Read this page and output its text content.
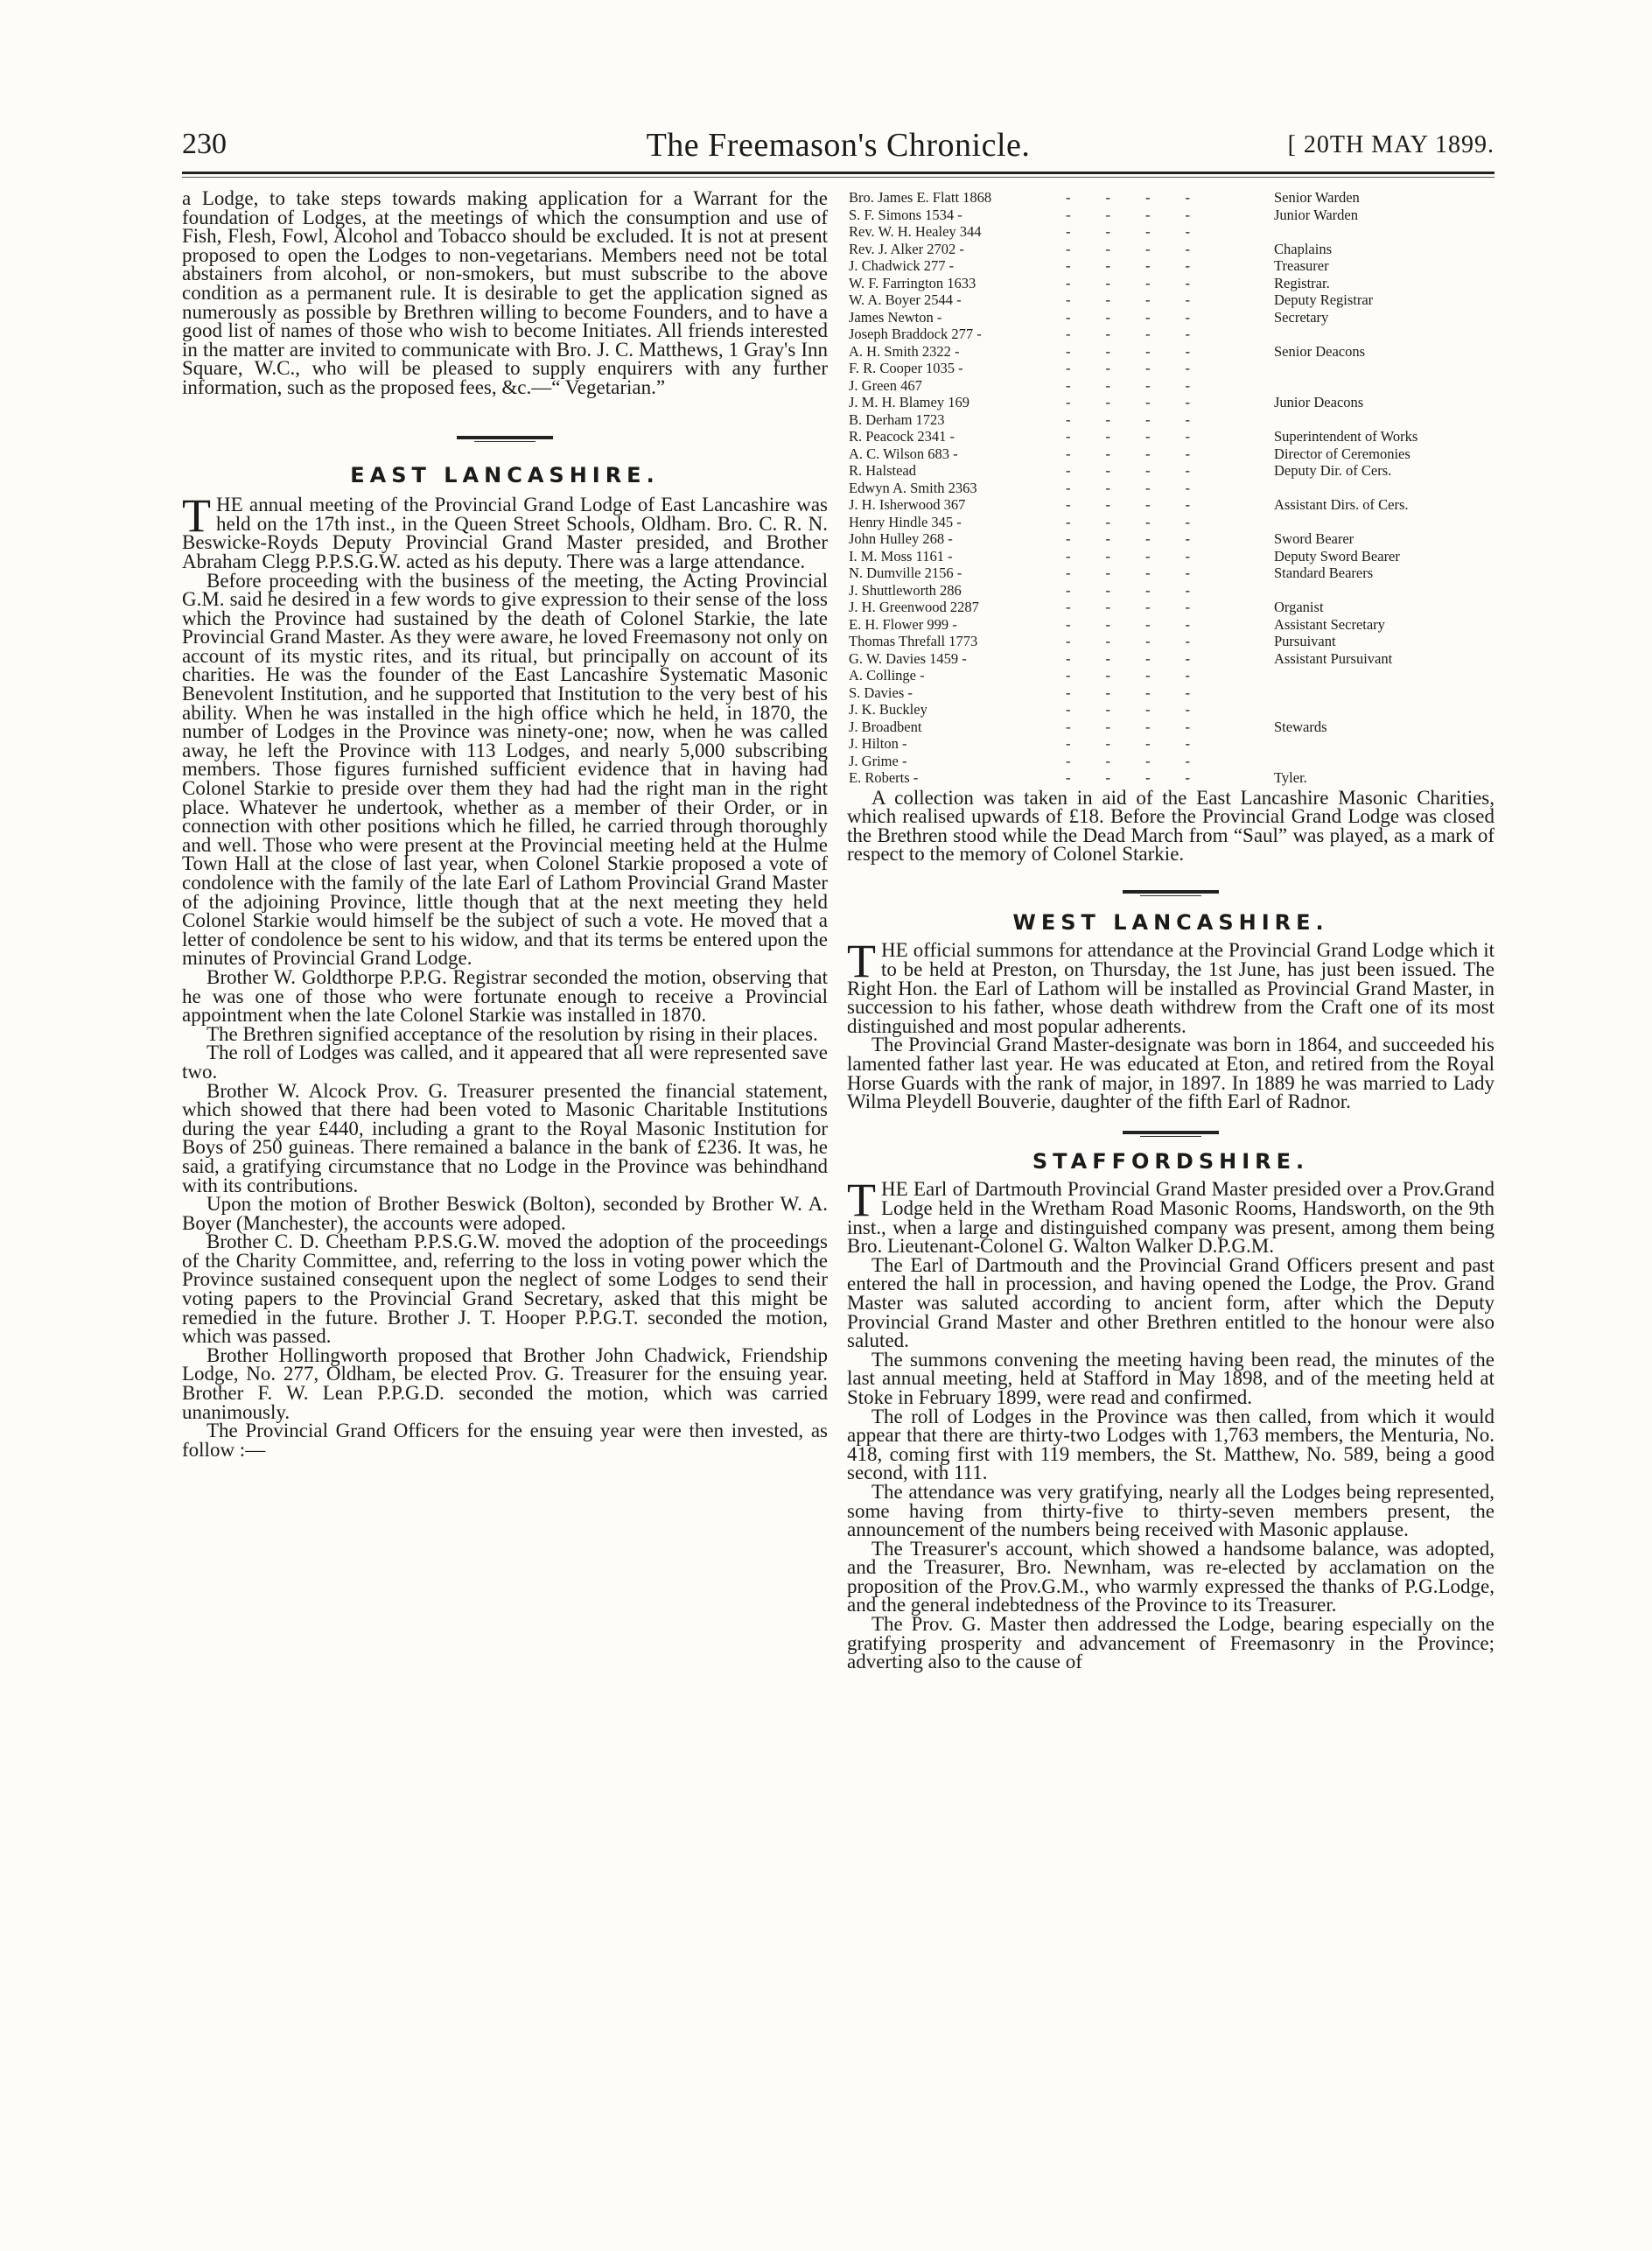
230	The Freemason's Chronicle.	[ 20TH MAY 1899.

a Lodge, to take steps towards making application for a Warrant for the foundation of Lodges, at the meetings of which the consumption and use of Fish, Flesh, Fowl, Alcohol and Tobacco should be excluded. It is not at present proposed to open the Lodges to non-vegetarians. Members need not be total abstainers from alcohol, or non-smokers, but must subscribe to the above condition as a permanent rule. It is desirable to get the application signed as numerously as possible by Brethren willing to become Founders, and to have a good list of names of those who wish to become Initiates. All friends interested in the matter are invited to communicate with Bro. J. C. Matthews, 1 Gray's Inn Square, W.C., who will be pleased to supply enquirers with any further information, such as the proposed fees, &c.—“ Vegetarian.”

EAST LANCASHIRE.

THE annual meeting of the Provincial Grand Lodge of East Lancashire was held on the 17th inst., in the Queen Street Schools, Oldham. Bro. C. R. N. Beswicke-Royds Deputy Provincial Grand Master presided, and Brother Abraham Clegg P.P.S.G.W. acted as his deputy. There was a large attendance.

Before proceeding with the business of the meeting, the Acting Provincial G.M. said he desired in a few words to give expression to their sense of the loss which the Province had sustained by the death of Colonel Starkie, the late Provincial Grand Master. As they were aware, he loved Freemasony not only on account of its mystic rites, and its ritual, but principally on account of its charities. He was the founder of the East Lancashire Systematic Masonic Benevolent Institution, and he supported that Institution to the very best of his ability. When he was installed in the high office which he held, in 1870, the number of Lodges in the Province was ninety-one; now, when he was called away, he left the Province with 113 Lodges, and nearly 5,000 subscribing members. Those figures furnished sufficient evidence that in having had Colonel Starkie to preside over them they had had the right man in the right place. Whatever he undertook, whether as a member of their Order, or in connection with other positions which he filled, he carried through thoroughly and well. Those who were present at the Provincial meeting held at the Hulme Town Hall at the close of last year, when Colonel Starkie proposed a vote of condolence with the family of the late Earl of Lathom Provincial Grand Master of the adjoining Province, little though that at the next meeting they held Colonel Starkie would himself be the subject of such a vote. He moved that a letter of condolence be sent to his widow, and that its terms be entered upon the minutes of Provincial Grand Lodge.

Brother W. Goldthorpe P.P.G. Registrar seconded the motion, observing that he was one of those who were fortunate enough to receive a Provincial appointment when the late Colonel Starkie was installed in 1870.

The Brethren signified acceptance of the resolution by rising in their places.

The roll of Lodges was called, and it appeared that all were represented save two.

Brother W. Alcock Prov. G. Treasurer presented the financial statement, which showed that there had been voted to Masonic Charitable Institutions during the year £440, including a grant to the Royal Masonic Institution for Boys of 250 guineas. There remained a balance in the bank of £236. It was, he said, a gratifying circumstance that no Lodge in the Province was behindhand with its contributions.

Upon the motion of Brother Beswick (Bolton), seconded by Brother W. A. Boyer (Manchester), the accounts were adoped.

Brother C. D. Cheetham P.P.S.G.W. moved the adoption of the proceedings of the Charity Committee, and, referring to the loss in voting power which the Province sustained consequent upon the neglect of some Lodges to send their voting papers to the Provincial Grand Secretary, asked that this might be remedied in the future. Brother J. T. Hooper P.P.G.T. seconded the motion, which was passed.

Brother Hollingworth proposed that Brother John Chadwick, Friendship Lodge, No. 277, Oldham, be elected Prov. G. Treasurer for the ensuing year. Brother F. W. Lean P.P.G.D. seconded the motion, which was carried unanimously.

The Provincial Grand Officers for the ensuing year were then invested, as follow :—

Bro. James E. Flatt 1868	----	Senior Warden
S. F. Simons 1534 -	----	Junior Warden
Rev. W. H. Healey 344	----
Rev. J. Alker 2702 -	----	Chaplains
J. Chadwick 277 -	----	Treasurer
W. F. Farrington 1633	----	Registrar.
W. A. Boyer 2544 -	----	Deputy Registrar
James Newton -	----	Secretary
Joseph Braddock 277 -	----
A. H. Smith 2322 -	----	Senior Deacons
F. R. Cooper 1035 -	----
J. Green 467	----
J. M. H. Blamey 169	----	Junior Deacons
B. Derham 1723	----
R. Peacock 2341 -	----	Superintendent of Works
A. C. Wilson 683 -	----	Director of Ceremonies
R. Halstead	----	Deputy Dir. of Cers.
Edwyn A. Smith 2363	----
J. H. Isherwood 367	----	Assistant Dirs. of Cers.
Henry Hindle 345 -	----
John Hulley 268 -	----	Sword Bearer
I. M. Moss 1161 -	----	Deputy Sword Bearer
N. Dumville 2156 -	----	Standard Bearers
J. Shuttleworth 286	----
J. H. Greenwood 2287	----	Organist
E. H. Flower 999 -	----	Assistant Secretary
Thomas Threfall 1773	----	Pursuivant
G. W. Davies 1459 -	----	Assistant Pursuivant
A. Collinge -	----
S. Davies -	----
J. K. Buckley	----
J. Broadbent	----	Stewards
J. Hilton -	----
J. Grime -	----
E. Roberts -	----	Tyler.

A collection was taken in aid of the East Lancashire Masonic Charities, which realised upwards of £18. Before the Provincial Grand Lodge was closed the Brethren stood while the Dead March from “Saul” was played, as a mark of respect to the memory of Colonel Starkie.

WEST LANCASHIRE.

THE official summons for attendance at the Provincial Grand Lodge which it to be held at Preston, on Thursday, the 1st June, has just been issued. The Right Hon. the Earl of Lathom will be installed as Provincial Grand Master, in succession to his father, whose death withdrew from the Craft one of its most distinguished and most popular adherents.

The Provincial Grand Master-designate was born in 1864, and succeeded his lamented father last year. He was educated at Eton, and retired from the Royal Horse Guards with the rank of major, in 1897. In 1889 he was married to Lady Wilma Pleydell Bouverie, daughter of the fifth Earl of Radnor.

STAFFORDSHIRE.

THE Earl of Dartmouth Provincial Grand Master presided over a Prov.Grand Lodge held in the Wretham Road Masonic Rooms, Handsworth, on the 9th inst., when a large and distinguished company was present, among them being Bro. Lieutenant-Colonel G. Walton Walker D.P.G.M.

The Earl of Dartmouth and the Provincial Grand Officers present and past entered the hall in procession, and having opened the Lodge, the Prov. Grand Master was saluted according to ancient form, after which the Deputy Provincial Grand Master and other Brethren entitled to the honour were also saluted.

The summons convening the meeting having been read, the minutes of the last annual meeting, held at Stafford in May 1898, and of the meeting held at Stoke in February 1899, were read and confirmed.

The roll of Lodges in the Province was then called, from which it would appear that there are thirty-two Lodges with 1,763 members, the Menturia, No. 418, coming first with 119 members, the St. Matthew, No. 589, being a good second, with 111.

The attendance was very gratifying, nearly all the Lodges being represented, some having from thirty-five to thirty-seven members present, the announcement of the numbers being received with Masonic applause.

The Treasurer's account, which showed a handsome balance, was adopted, and the Treasurer, Bro. Newnham, was re-elected by acclamation on the proposition of the Prov.G.M., who warmly expressed the thanks of P.G.Lodge, and the general indebtedness of the Province to its Treasurer.

The Prov. G. Master then addressed the Lodge, bearing especially on the gratifying prosperity and advancement of Freemasonry in the Province; adverting also to the cause of
